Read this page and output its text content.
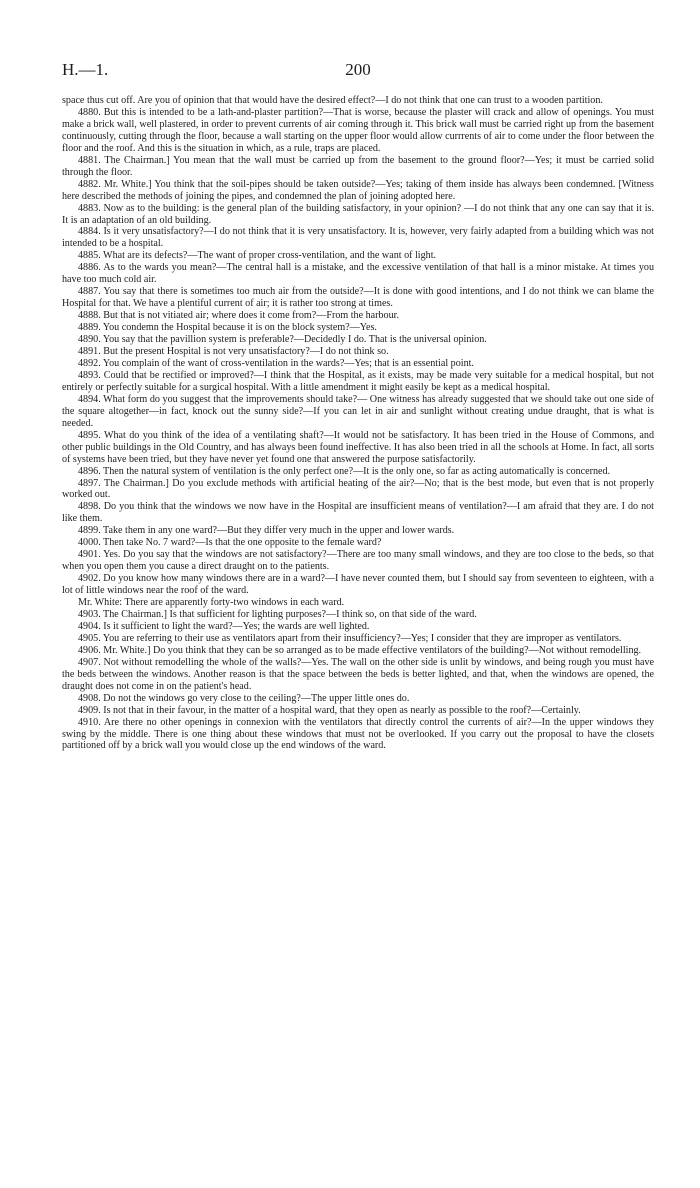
H.—1.	200

space thus cut off. Are you of opinion that that would have the desired effect?—I do not think that one can trust to a wooden partition.

4880. But this is intended to be a lath-and-plaster partition?—That is worse, because the plaster will crack and allow of openings. You must make a brick wall, well plastered, in order to prevent currents of air coming through it. This brick wall must be carried right up from the basement continuously, cutting through the floor, because a wall starting on the upper floor would allow currrents of air to come under the floor between the floor and the roof. And this is the situation in which, as a rule, traps are placed.

4881. The Chairman.] You mean that the wall must be carried up from the basement to the ground floor?—Yes; it must be carried solid through the floor.

4882. Mr. White.] You think that the soil-pipes should be taken outside?—Yes; taking of them inside has always been condemned. [Witness here described the methods of joining the pipes, and condemned the plan of joining adopted here.

4883. Now as to the building: is the general plan of the building satisfactory, in your opinion? —I do not think that any one can say that it is. It is an adaptation of an old building.

4884. Is it very unsatisfactory?—I do not think that it is very unsatisfactory. It is, however, very fairly adapted from a building which was not intended to be a hospital.

4885. What are its defects?—The want of proper cross-ventilation, and the want of light.

4886. As to the wards you mean?—The central hall is a mistake, and the excessive ventilation of that hall is a minor mistake. At times you have too much cold air.

4887. You say that there is sometimes too much air from the outside?—It is done with good intentions, and I do not think we can blame the Hospital for that. We have a plentiful current of air; it is rather too strong at times.

4888. But that is not vitiated air; where does it come from?—From the harbour.

4889. You condemn the Hospital because it is on the block system?—Yes.

4890. You say that the pavillion system is preferable?—Decidedly I do. That is the universal opinion.

4891. But the present Hospital is not very unsatisfactory?—I do not think so.

4892. You complain of the want of cross-ventilation in the wards?—Yes; that is an essential point.

4893. Could that be rectified or improved?—I think that the Hospital, as it exists, may be made very suitable for a medical hospital, but not entirely or perfectly suitable for a surgical hospital. With a little amendment it might easily be kept as a medical hospital.

4894. What form do you suggest that the improvements should take?— One witness has already suggested that we should take out one side of the square altogether—in fact, knock out the sunny side?—If you can let in air and sunlight without creating undue draught, that is what is needed.

4895. What do you think of the idea of a ventilating shaft?—It would not be satisfactory. It has been tried in the House of Commons, and other public buildings in the Old Country, and has always been found ineffective. It has also been tried in all the schools at Home. In fact, all sorts of systems have been tried, but they have never yet found one that answered the purpose satisfactorily.

4896. Then the natural system of ventilation is the only perfect one?—It is the only one, so far as acting automatically is concerned.

4897. The Chairman.] Do you exclude methods with artificial heating of the air?—No; that is the best mode, but even that is not properly worked out.

4898. Do you think that the windows we now have in the Hospital are insufficient means of ventilation?—I am afraid that they are. I do not like them.

4899. Take them in any one ward?—But they differ very much in the upper and lower wards.

4000. Then take No. 7 ward?—Is that the one opposite to the female ward?

4901. Yes. Do you say that the windows are not satisfactory?—There are too many small windows, and they are too close to the beds, so that when you open them you cause a direct draught on to the patients.

4902. Do you know how many windows there are in a ward?—I have never counted them, but I should say from seventeen to eighteen, with a lot of little windows near the roof of the ward.

Mr. White: There are apparently forty-two windows in each ward.

4903. The Chairman.] Is that sufficient for lighting purposes?—I think so, on that side of the ward.

4904. Is it sufficient to light the ward?—Yes; the wards are well lighted.

4905. You are referring to their use as ventilators apart from their insufficiency?—Yes; I consider that they are improper as ventilators.

4906. Mr. White.] Do you think that they can be so arranged as to be made effective ventilators of the building?—Not without remodelling.

4907. Not without remodelling the whole of the walls?—Yes. The wall on the other side is unlit by windows, and being rough you must have the beds between the windows. Another reason is that the space between the beds is better lighted, and that, when the windows are opened, the draught does not come in on the patient's head.

4908. Do not the windows go very close to the ceiling?—The upper little ones do.

4909. Is not that in their favour, in the matter of a hospital ward, that they open as nearly as possible to the roof?—Certainly.

4910. Are there no other openings in connexion with the ventilators that directly control the currents of air?—In the upper windows they swing by the middle. There is one thing about these windows that must not be overlooked. If you carry out the proposal to have the closets partitioned off by a brick wall you would close up the end windows of the ward.
